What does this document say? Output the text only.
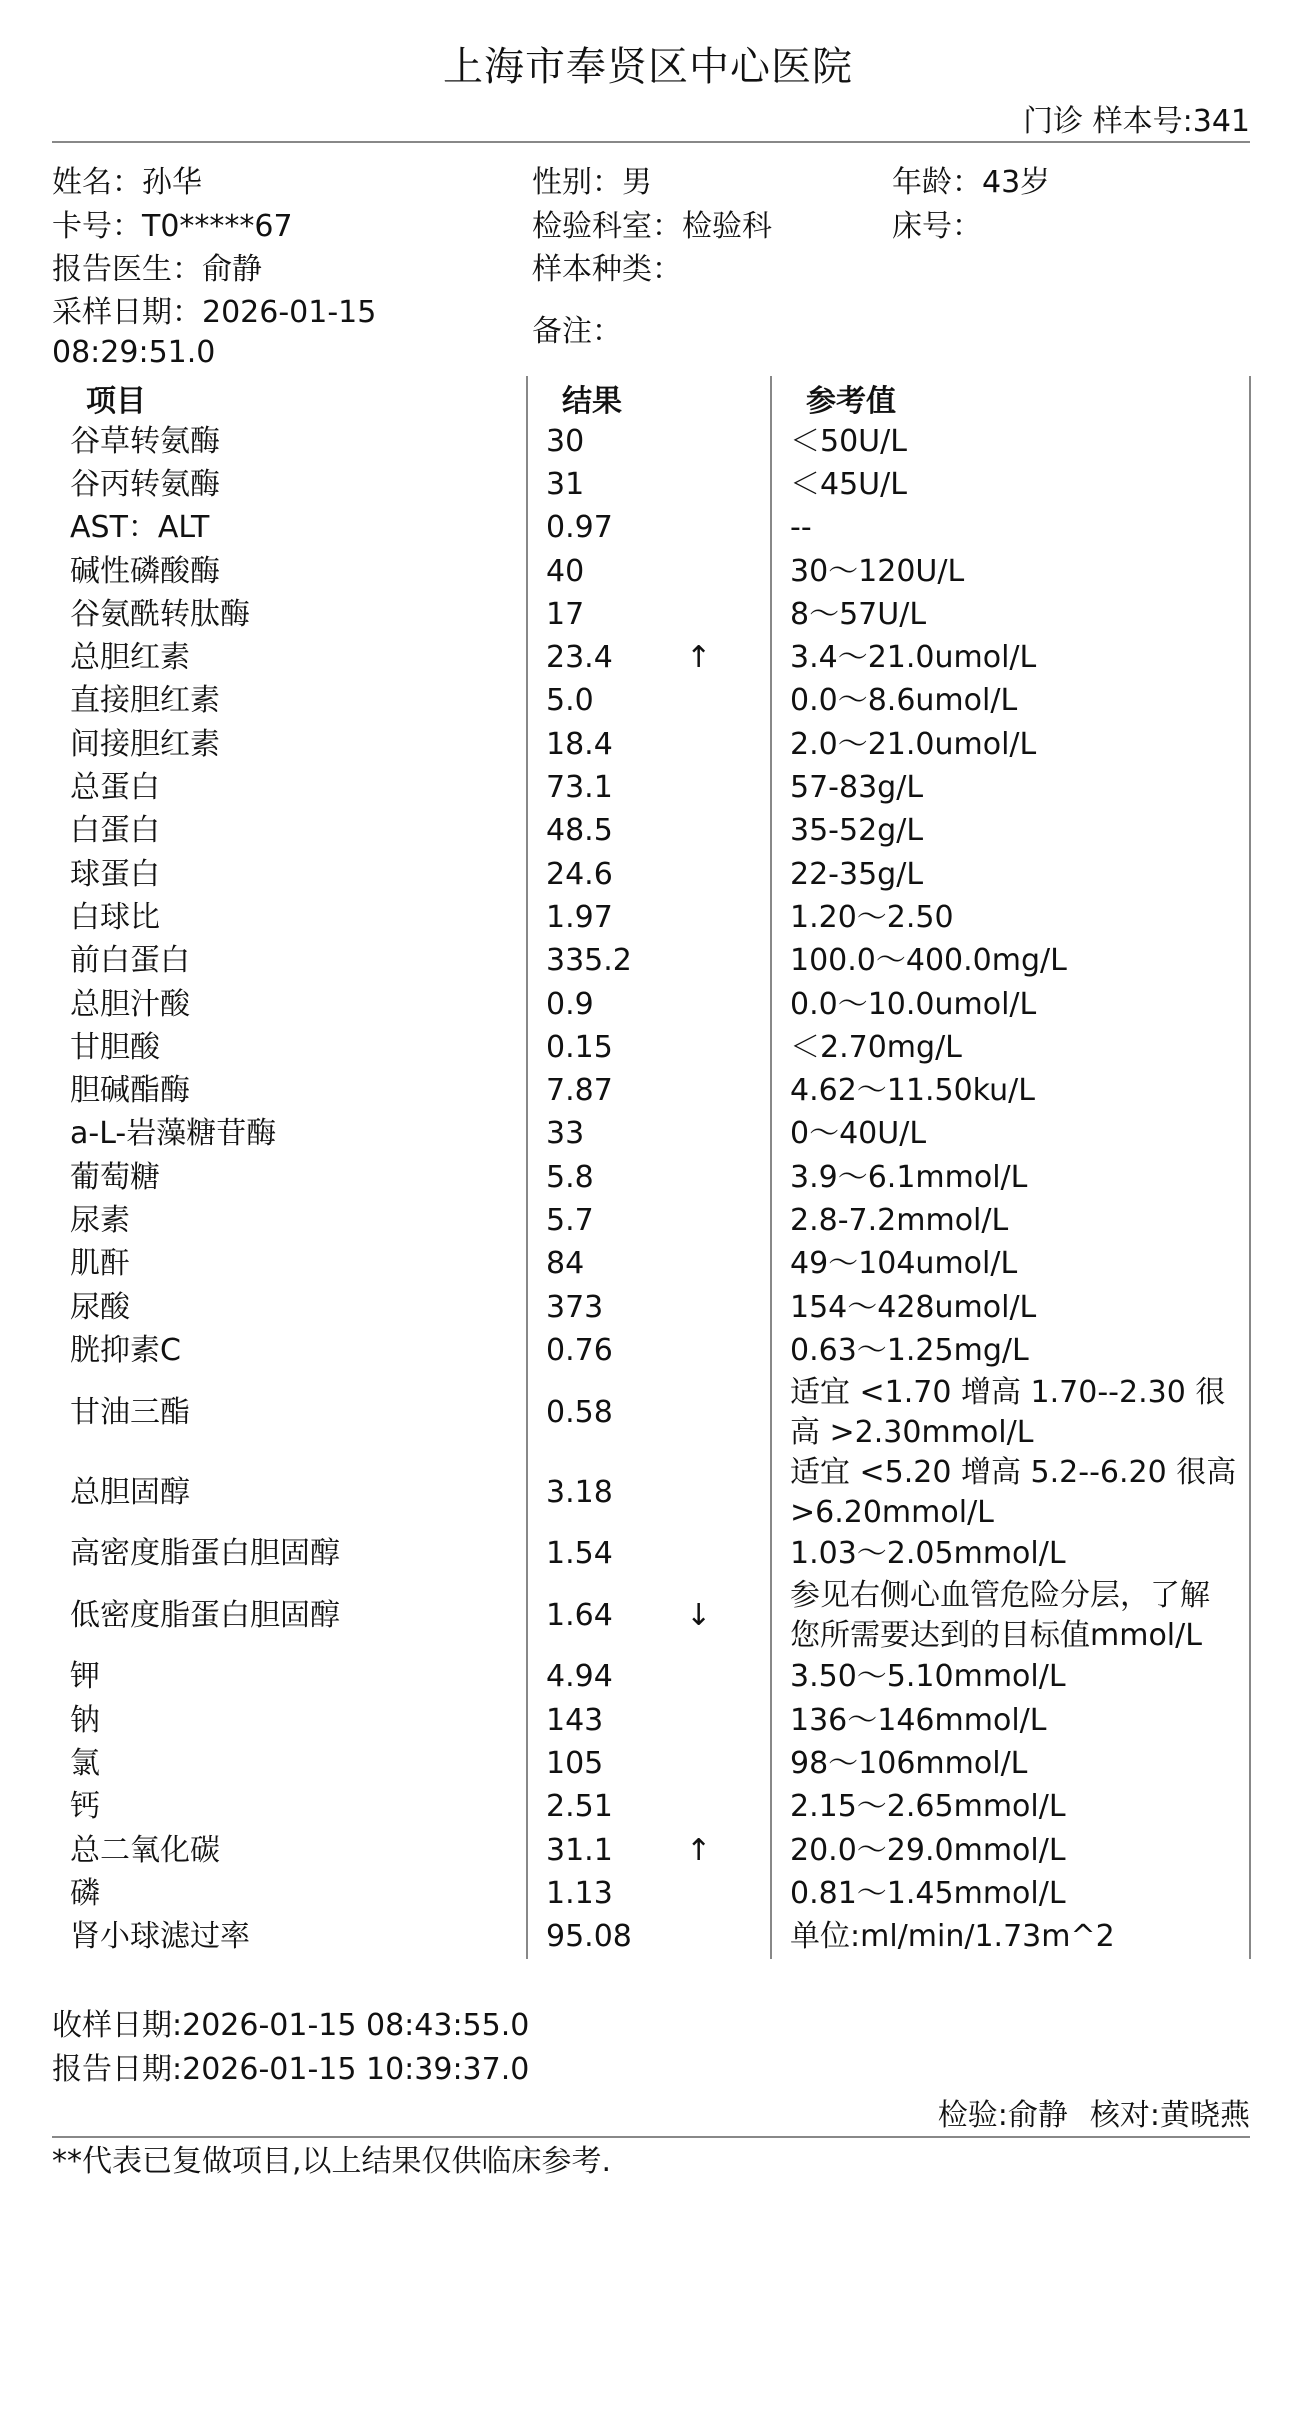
上海市奉贤区中心医院
门诊 样本号:341
姓名：孙华	性别：男	年龄：43岁
卡号：T0*****67	检验科室：检验科	床号：
报告医生：俞静	样本种类：
采样日期：2026-01-15 08:29:51.0
备注：
项目	结果	参考值
谷草转氨酶	30	＜50U/L
谷丙转氨酶	31	＜45U/L
AST：ALT	0.97	--
碱性磷酸酶	40	30～120U/L
谷氨酰转肽酶	17	8～57U/L
总胆红素	23.4 ↑	3.4～21.0umol/L
直接胆红素	5.0	0.0～8.6umol/L
间接胆红素	18.4	2.0～21.0umol/L
总蛋白	73.1	57-83g/L
白蛋白	48.5	35-52g/L
球蛋白	24.6	22-35g/L
白球比	1.97	1.20～2.50
前白蛋白	335.2	100.0～400.0mg/L
总胆汁酸	0.9	0.0～10.0umol/L
甘胆酸	0.15	＜2.70mg/L
胆碱酯酶	7.87	4.62～11.50ku/L
a-L-岩藻糖苷酶	33	0～40U/L
葡萄糖	5.8	3.9～6.1mmol/L
尿素	5.7	2.8-7.2mmol/L
肌酐	84	49～104umol/L
尿酸	373	154～428umol/L
胱抑素C	0.76	0.63～1.25mg/L
甘油三酯	0.58	适宜 <1.70 增高 1.70--2.30 很高 >2.30mmol/L
总胆固醇	3.18	适宜 <5.20 增高 5.2--6.20 很高 >6.20mmol/L
高密度脂蛋白胆固醇	1.54	1.03～2.05mmol/L
低密度脂蛋白胆固醇	1.64 ↓	参见右侧心血管危险分层，了解您所需要达到的目标值mmol/L
钾	4.94	3.50～5.10mmol/L
钠	143	136～146mmol/L
氯	105	98～106mmol/L
钙	2.51	2.15～2.65mmol/L
总二氧化碳	31.1 ↑	20.0～29.0mmol/L
磷	1.13	0.81～1.45mmol/L
肾小球滤过率	95.08	单位:ml/min/1.73m^2
收样日期:2026-01-15 08:43:55.0
报告日期:2026-01-15 10:39:37.0
检验:俞静 核对:黄晓燕
**代表已复做项目,以上结果仅供临床参考.
